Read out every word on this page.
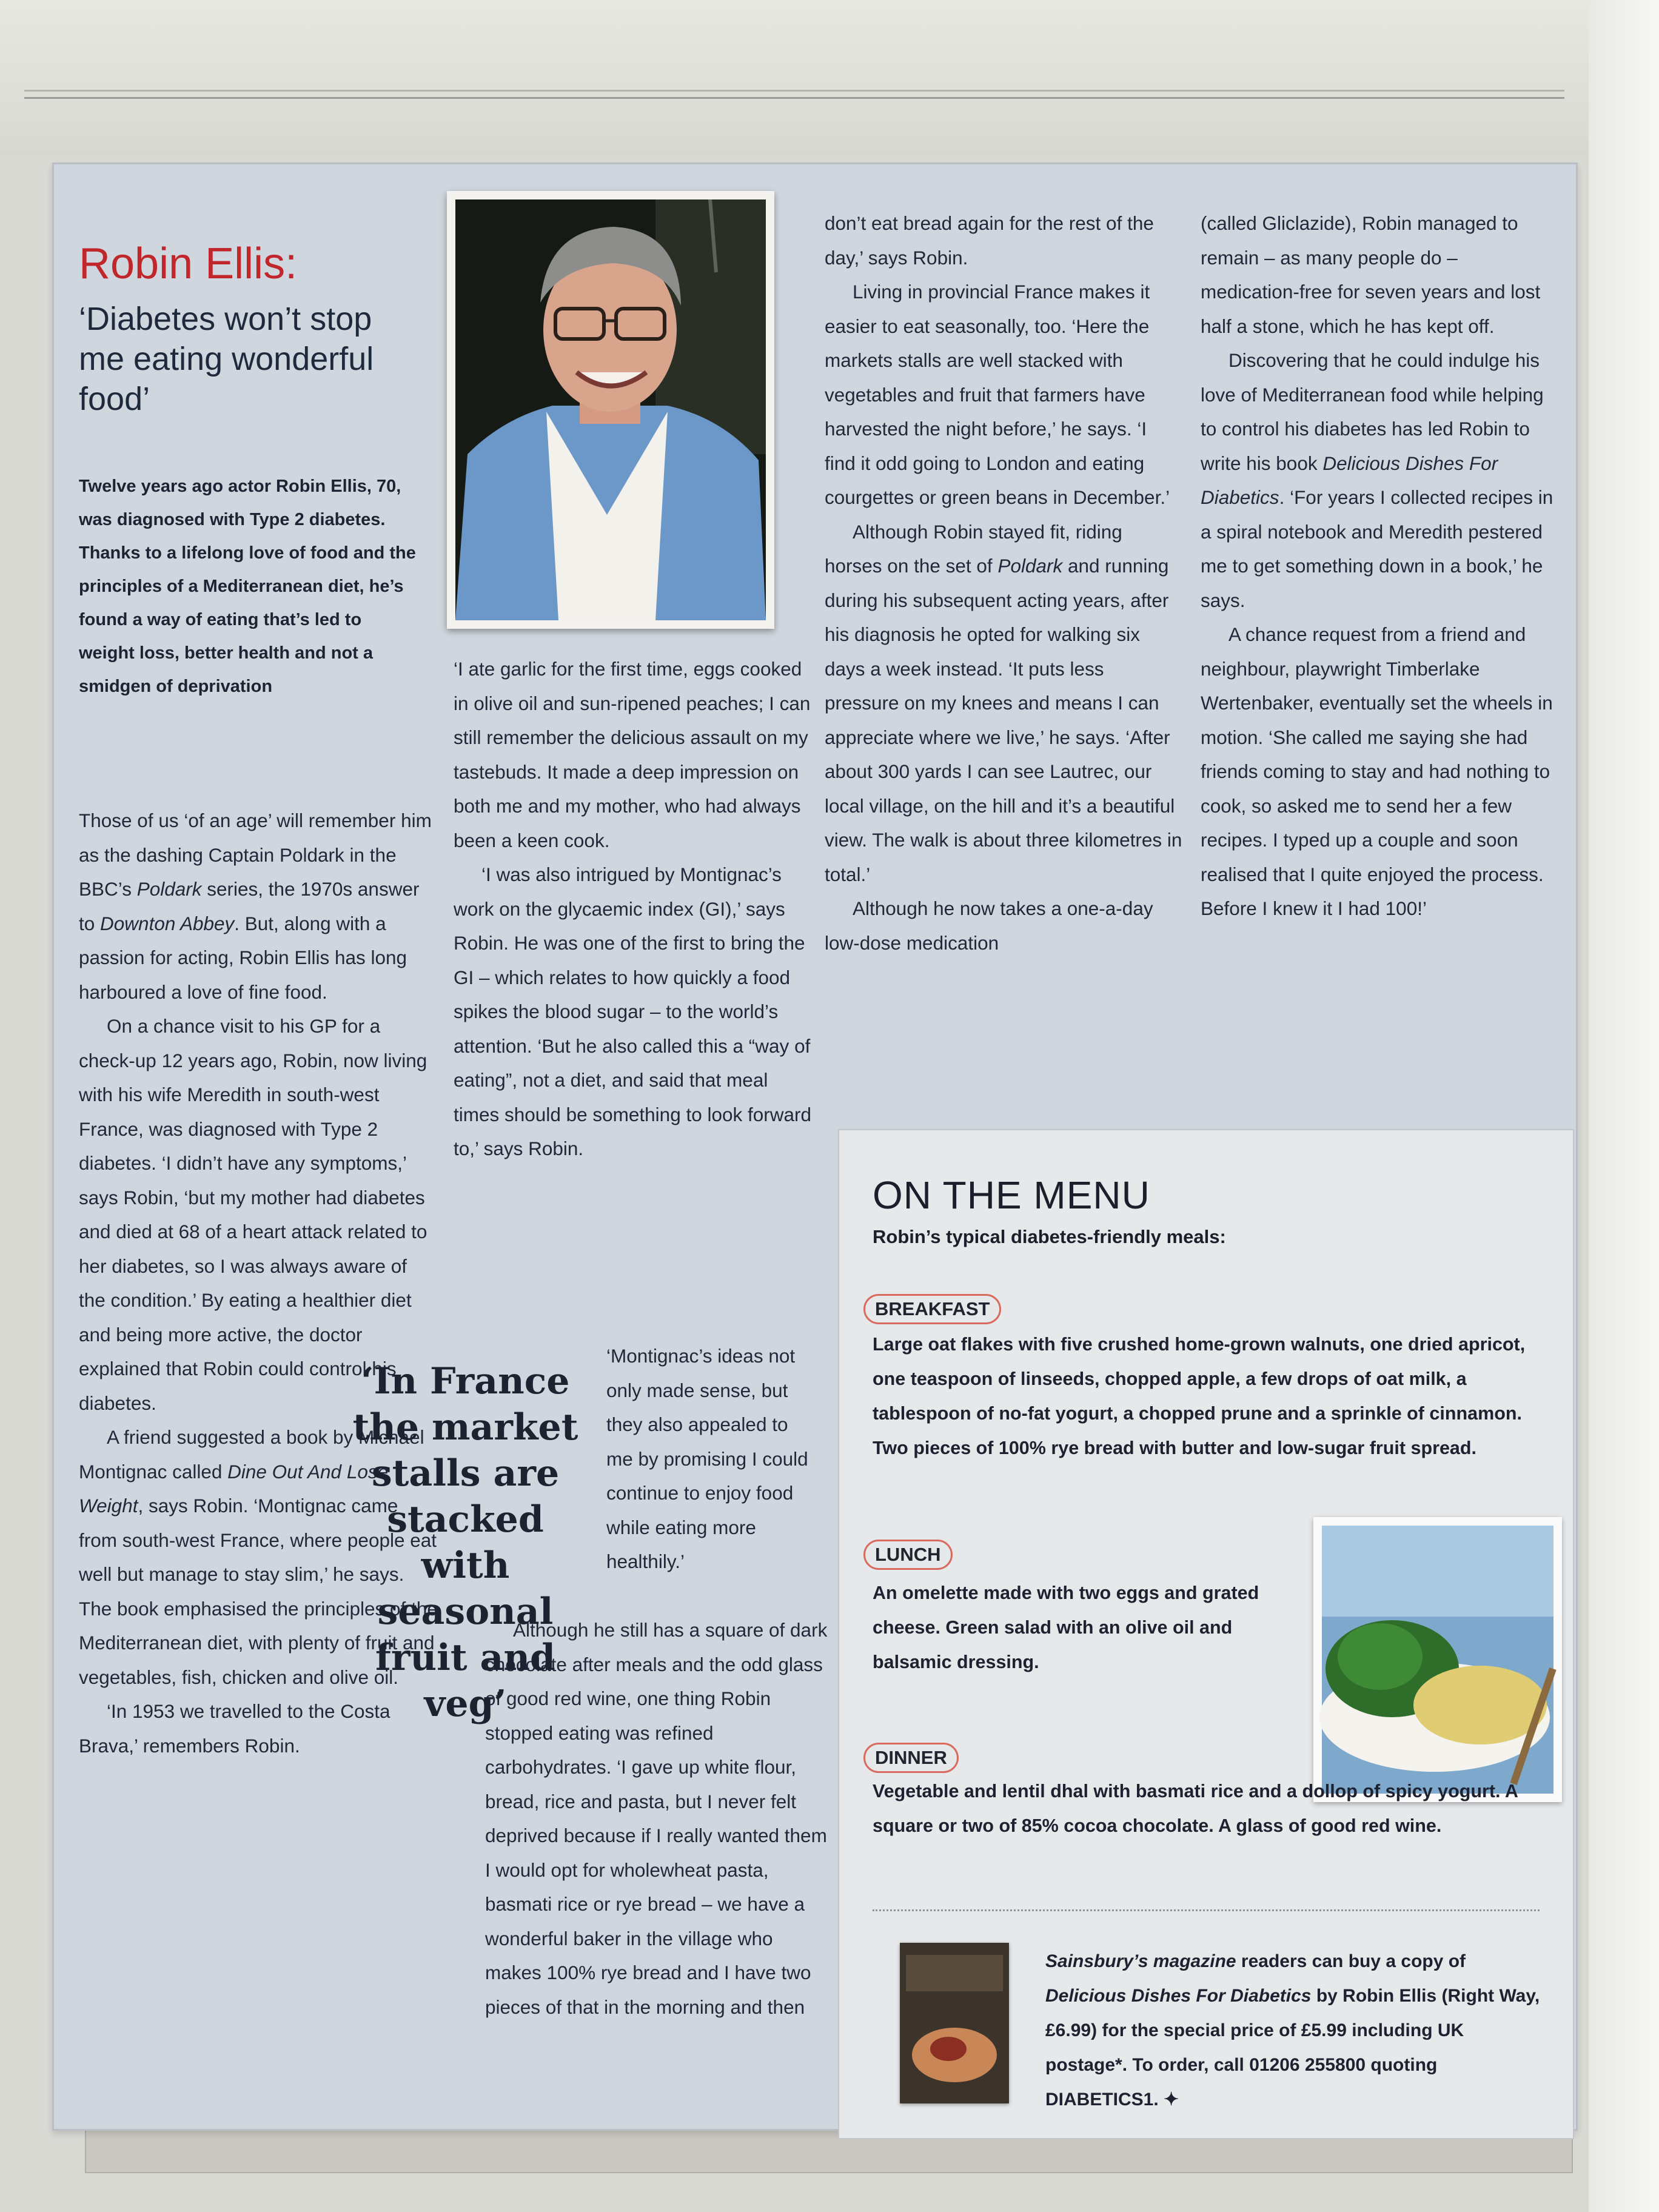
Robin Ellis:
‘Diabetes won’t stop me eating wonderful food’
Twelve years ago actor Robin Ellis, 70, was diagnosed with Type 2 diabetes. Thanks to a lifelong love of food and the principles of a Mediterranean diet, he’s found a way of eating that’s led to weight loss, better health and not a smidgen of deprivation

Those of us ‘of an age’ will remember him as the dashing Captain Poldark in the BBC’s Poldark series, the 1970s answer to Downton Abbey. But, along with a passion for acting, Robin Ellis has long harboured a love of fine food.

On a chance visit to his GP for a check-up 12 years ago, Robin, now living with his wife Meredith in south-west France, was diagnosed with Type 2 diabetes. ‘I didn’t have any symptoms,’ says Robin, ‘but my mother had diabetes and died at 68 of a heart attack related to her diabetes, so I was always aware of the condition.’ By eating a healthier diet and being more active, the doctor explained that Robin could control his diabetes.

A friend suggested a book by Michael Montignac called Dine Out And Lose Weight, says Robin. ‘Montignac came from south-west France, where people eat well but manage to stay slim,’ he says. The book emphasised the principles of the Mediterranean diet, with plenty of fruit and vegetables, fish, chicken and olive oil.

‘In 1953 we travelled to the Costa Brava,’ remembers Robin.

‘I ate garlic for the first time, eggs cooked in olive oil and sun-ripened peaches; I can still remember the delicious assault on my tastebuds. It made a deep impression on both me and my mother, who had always been a keen cook.

‘I was also intrigued by Montignac’s work on the glycaemic index (GI),’ says Robin. He was one of the first to bring the GI – which relates to how quickly a food spikes the blood sugar – to the world’s attention. ‘But he also called this a “way of eating”, not a diet, and said that meal times should be something to look forward to,’ says Robin.

‘Montignac’s ideas not only made sense, but they also appealed to me by promising I could continue to enjoy food while eating more healthily.’

Although he still has a square of dark chocolate after meals and the odd glass of good red wine, one thing Robin stopped eating was refined carbohydrates. ‘I gave up white flour, bread, rice and pasta, but I never felt deprived because if I really wanted them I would opt for wholewheat pasta, basmati rice or rye bread – we have a wonderful baker in the village who makes 100% rye bread and I have two pieces of that in the morning and then

‘In France the market stalls are stacked with seasonal fruit and veg’

don’t eat bread again for the rest of the day,’ says Robin.

Living in provincial France makes it easier to eat seasonally, too. ‘Here the markets stalls are well stacked with vegetables and fruit that farmers have harvested the night before,’ he says. ‘I find it odd going to London and eating courgettes or green beans in December.’

Although Robin stayed fit, riding horses on the set of Poldark and running during his subsequent acting years, after his diagnosis he opted for walking six days a week instead. ‘It puts less pressure on my knees and means I can appreciate where we live,’ he says. ‘After about 300 yards I can see Lautrec, our local village, on the hill and it’s a beautiful view. The walk is about three kilometres in total.’

Although he now takes a one-a-day low-dose medication

(called Gliclazide), Robin managed to remain – as many people do – medication-free for seven years and lost half a stone, which he has kept off.

Discovering that he could indulge his love of Mediterranean food while helping to control his diabetes has led Robin to write his book Delicious Dishes For Diabetics. ‘For years I collected recipes in a spiral notebook and Meredith pestered me to get something down in a book,’ he says.

A chance request from a friend and neighbour, playwright Timberlake Wertenbaker, eventually set the wheels in motion. ‘She called me saying she had friends coming to stay and had nothing to cook, so asked me to send her a few recipes. I typed up a couple and soon realised that I quite enjoyed the process. Before I knew it I had 100!’

ON THE MENU
Robin’s typical diabetes-friendly meals:
BREAKFAST
Large oat flakes with five crushed home-grown walnuts, one dried apricot, one teaspoon of linseeds, chopped apple, a few drops of oat milk, a tablespoon of no-fat yogurt, a chopped prune and a sprinkle of cinnamon. Two pieces of 100% rye bread with butter and low-sugar fruit spread.
LUNCH
An omelette made with two eggs and grated cheese. Green salad with an olive oil and balsamic dressing.
DINNER
Vegetable and lentil dhal with basmati rice and a dollop of spicy yogurt. A square or two of 85% cocoa chocolate. A glass of good red wine.
Sainsbury’s magazine readers can buy a copy of Delicious Dishes For Diabetics by Robin Ellis (Right Way, £6.99) for the special price of £5.99 including UK postage*. To order, call 01206 255800 quoting DIABETICS1. ✦
